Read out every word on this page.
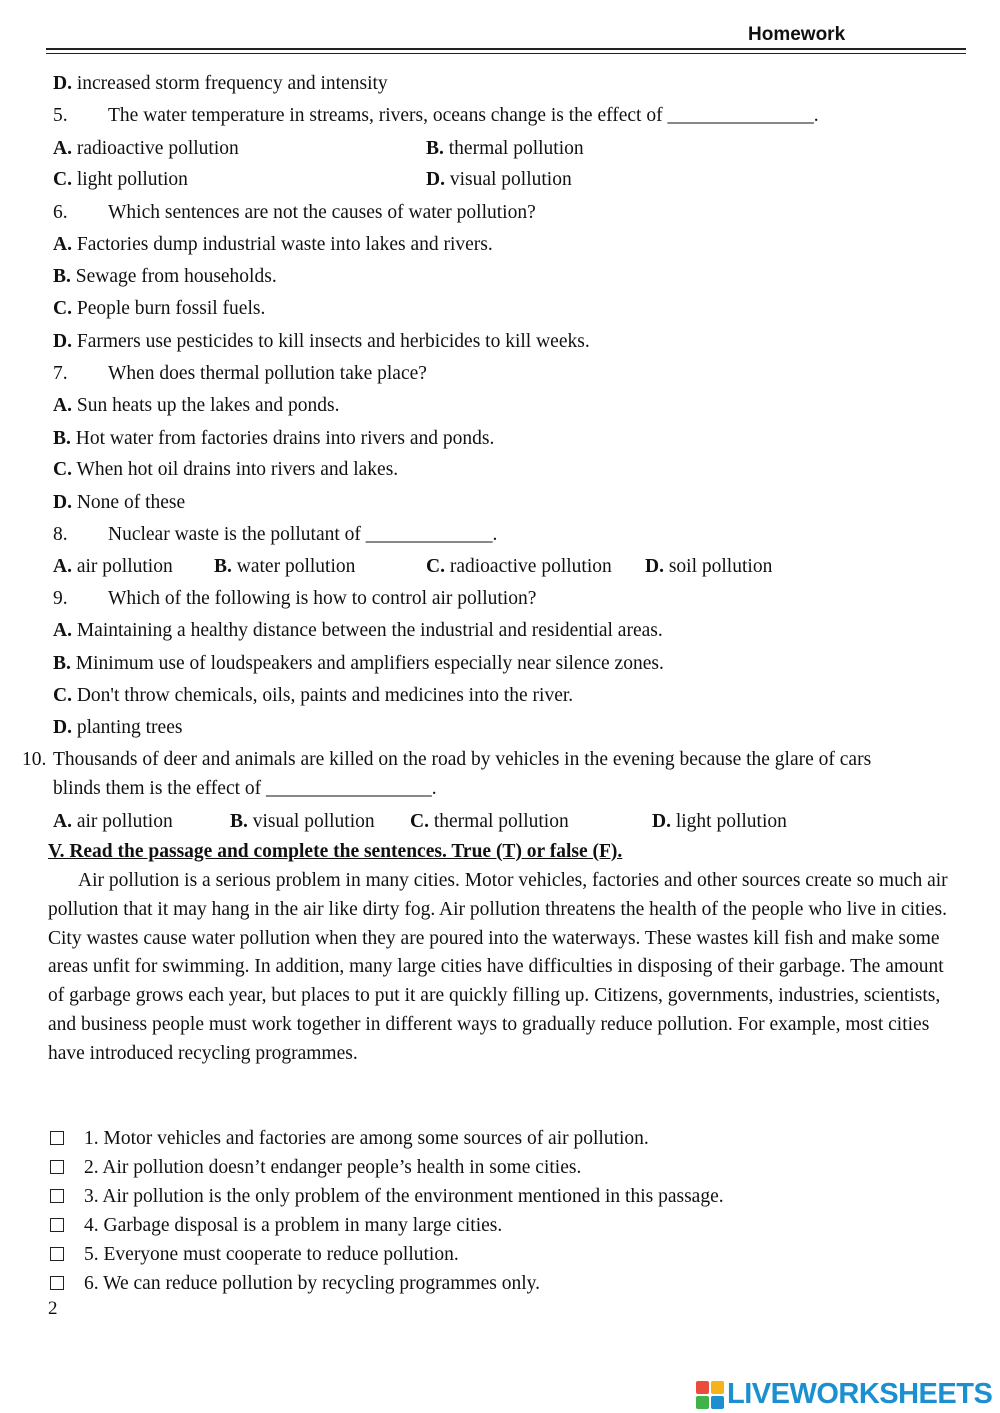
Homework
D. increased storm frequency and intensity
5. The water temperature in streams, rivers, oceans change is the effect of _______________.
A. radioactive pollution	B. thermal pollution
C. light pollution	D. visual pollution
6. Which sentences are not the causes of water pollution?
A. Factories dump industrial waste into lakes and rivers.
B. Sewage from households.
C. People burn fossil fuels.
D. Farmers use pesticides to kill insects and herbicides to kill weeks.
7. When does thermal pollution take place?
A. Sun heats up the lakes and ponds.
B. Hot water from factories drains into rivers and ponds.
C. When hot oil drains into rivers and lakes.
D. None of these
8. Nuclear waste is the pollutant of _____________.
A. air pollution B. water pollution	C. radioactive pollution D. soil pollution
9. Which of the following is how to control air pollution?
A. Maintaining a healthy distance between the industrial and residential areas.
B. Minimum use of loudspeakers and amplifiers especially near silence zones.
C. Don't throw chemicals, oils, paints and medicines into the river.
D. planting trees
10. Thousands of deer and animals are killed on the road by vehicles in the evening because the glare of cars
blinds them is the effect of _________________.
A. air pollution	B. visual pollution C. thermal pollution	D. light pollution
V. Read the passage and complete the sentences. True (T) or false (F).

Air pollution is a serious problem in many cities. Motor vehicles, factories and other sources create so much air pollution that it may hang in the air like dirty fog. Air pollution threatens the health of the people who live in cities. City wastes cause water pollution when they are poured into the waterways. These wastes kill fish and make some areas unfit for swimming. In addition, many large cities have difficulties in disposing of their garbage. The amount of garbage grows each year, but places to put it are quickly filling up. Citizens, governments, industries, scientists, and business people must work together in different ways to gradually reduce pollution. For example, most cities have introduced recycling programmes.

1. Motor vehicles and factories are among some sources of air pollution.
2. Air pollution doesn’t endanger people’s health in some cities.
3. Air pollution is the only problem of the environment mentioned in this passage.
4. Garbage disposal is a problem in many large cities.
5. Everyone must cooperate to reduce pollution.
6. We can reduce pollution by recycling programmes only.
2
LIVEWORKSHEETS
